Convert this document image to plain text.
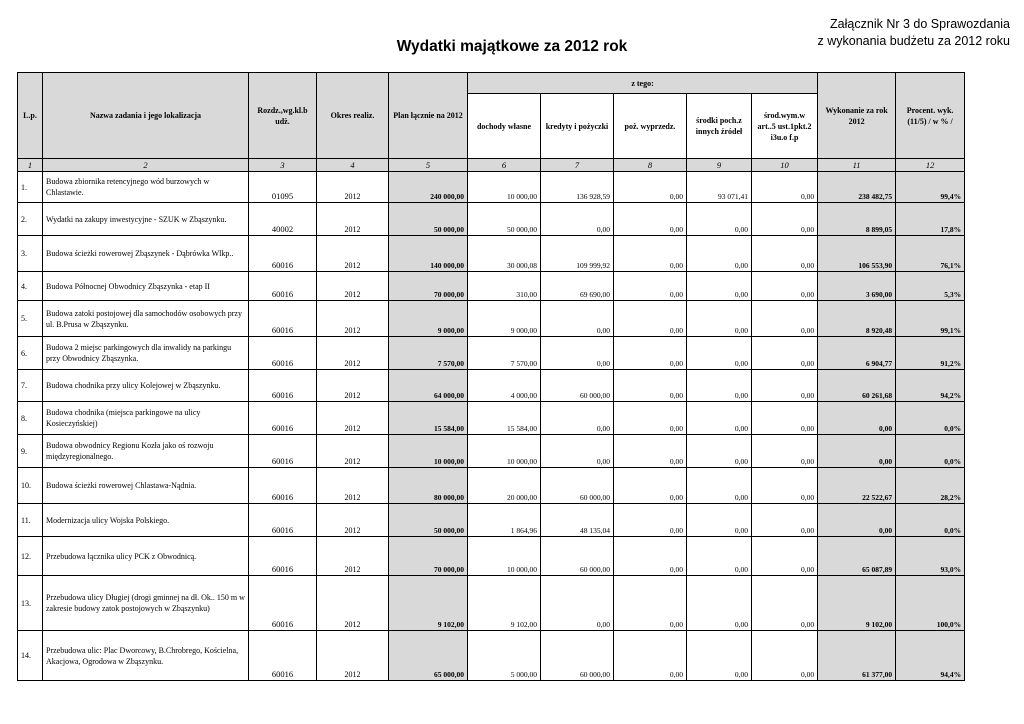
Załącznik Nr 3 do Sprawozdania
z wykonania budżetu za 2012 roku
Wydatki majątkowe za 2012 rok
L.p.	Nazwa zadania i jego lokalizacja	Rozdz.,wg.kl.b udż.	Okres realiz.	Plan łącznie na 2012	z tego:					Wykonanie za rok 2012	Procent. wyk. (11/5) / w % /
					dochody własne	kredyty i pożyczki	poż. wyprzedz.	środki poch.z innych źródeł	środ.wym.w art..5 ust.1pkt.2 i3u.o f.p		
1	2	3	4	5	6	7	8	9	10	11	12
1.	Budowa zbiornika retencyjnego wód burzowych w Chlastawie.	01095	2012	240 000,00	10 000,00	136 928,59	0,00	93 071,41	0,00	238 482,75	99,4%
2.	Wydatki na zakupy inwestycyjne - SZUK w Zbąszynku.	40002	2012	50 000,00	50 000,00	0,00	0,00	0,00	0,00	8 899,05	17,8%
3.	Budowa ścieżki rowerowej Zbąszynek - Dąbrówka Wlkp..	60016	2012	140 000,00	30 000,08	109 999,92	0,00	0,00	0,00	106 553,90	76,1%
4.	Budowa Północnej Obwodnicy Zbąszynka - etap II	60016	2012	70 000,00	310,00	69 690,00	0,00	0,00	0,00	3 690,00	5,3%
5.	Budowa zatoki postojowej dla samochodów osobowych przy ul. B.Prusa w Zbąszynku.	60016	2012	9 000,00	9 000,00	0,00	0,00	0,00	0,00	8 920,48	99,1%
6.	Budowa 2 miejsc parkingowych dla inwalidy na parkingu przy Obwodnicy Zbąszynka.	60016	2012	7 570,00	7 570,00	0,00	0,00	0,00	0,00	6 904,77	91,2%
7.	Budowa chodnika przy ulicy Kolejowej w Zbąszynku.	60016	2012	64 000,00	4 000,00	60 000,00	0,00	0,00	0,00	60 261,68	94,2%
8.	Budowa chodnika (miejsca parkingowe na ulicy Kosieczyńskiej)	60016	2012	15 584,00	15 584,00	0,00	0,00	0,00	0,00	0,00	0,0%
9.	Budowa obwodnicy Regionu Kozła jako oś rozwoju międzyregionalnego.	60016	2012	10 000,00	10 000,00	0,00	0,00	0,00	0,00	0,00	0,0%
10.	Budowa ścieżki rowerowej Chlastawa-Nądnia.	60016	2012	80 000,00	20 000,00	60 000,00	0,00	0,00	0,00	22 522,67	28,2%
11.	Modernizacja ulicy Wojska Polskiego.	60016	2012	50 000,00	1 864,96	48 135,04	0,00	0,00	0,00	0,00	0,0%
12.	Przebudowa łącznika ulicy PCK z Obwodnicą.	60016	2012	70 000,00	10 000,00	60 000,00	0,00	0,00	0,00	65 087,89	93,0%
13.	Przebudowa ulicy Długiej (drogi gminnej na dł. Ok.. 150 m w zakresie budowy zatok postojowych w Zbąszynku)	60016	2012	9 102,00	9 102,00	0,00	0,00	0,00	0,00	9 102,00	100,0%
14.	Przebudowa ulic: Plac Dworcowy, B.Chrobrego, Kościelna, Akacjowa, Ogrodowa w Zbąszynku.	60016	2012	65 000,00	5 000,00	60 000,00	0,00	0,00	0,00	61 377,00	94,4%
